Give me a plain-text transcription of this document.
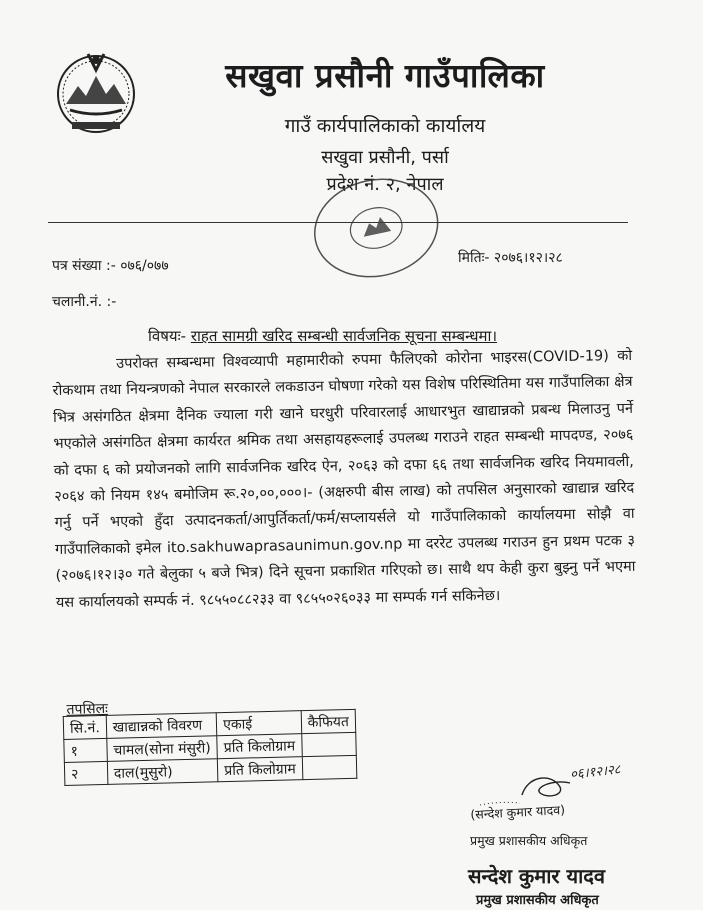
सखुवा प्रसौनी गाउँपालिका
गाउँ कार्यपालिकाको कार्यालय
सखुवा प्रसौनी, पर्सा
प्रदेश नं. २, नेपाल
पत्र संख्या :- ०७६/०७७	मितिः- २०७६।१२।२८
चलानी.नं. :-
विषयः- राहत सामग्री खरिद सम्बन्धी सार्वजनिक सूचना सम्बन्धमा।

उपरोक्त सम्बन्धमा विश्वव्यापी महामारीको रुपमा फैलिएको कोरोना भाइरस(COVID-19) को रोकथाम तथा नियन्त्रणको नेपाल सरकारले लकडाउन घोषणा गरेको यस विशेष परिस्थितिमा यस गाउँपालिका क्षेत्र भित्र असंगठित क्षेत्रमा दैनिक ज्याला गरी खाने घरधुरी परिवारलाई आधारभुत खाद्यान्नको प्रबन्ध मिलाउनु पर्ने भएकोले असंगठित क्षेत्रमा कार्यरत श्रमिक तथा असहायहरूलाई उपलब्ध गराउने राहत सम्बन्धी मापदण्ड, २०७६ को दफा ६ को प्रयोजनको लागि सार्वजनिक खरिद ऐन, २०६३ को दफा ६६ तथा सार्वजनिक खरिद नियमावली, २०६४ को नियम १४५ बमोजिम रू.२०,००,०००।- (अक्षरुपी बीस लाख) को तपसिल अनुसारको खाद्यान्न खरिद गर्नु पर्ने भएको हुँदा उत्पादनकर्ता/आपुर्तिकर्ता/फर्म/सप्लायर्सले यो गाउँपालिकाको कार्यालयमा सोझै वा गाउँपालिकाको इमेल ito.sakhuwaprasaunimun.gov.np मा दररेट उपलब्ध गराउन हुन प्रथम पटक ३ (२०७६।१२।३० गते बेलुका ५ बजे भित्र) दिने सूचना प्रकाशित गरिएको छ। साथै थप केही कुरा बुझ्नु पर्ने भएमा यस कार्यालयको सम्पर्क नं. ९८५५०८८२३३ वा ९८५५०२६०३३ मा सम्पर्क गर्न सकिनेछ।

तपसिलः
सि.नं.	खाद्यान्नको विवरण	एकाई	कैफियत
१	चामल(सोना मंसुरी)	प्रति किलोग्राम	
२	दाल(मुसुरो)	प्रति किलोग्राम		०६।१२।२८
(सन्देश कुमार यादव)
प्रमुख प्रशासकीय अधिकृत
सन्देश कुमार यादव
प्रमुख प्रशासकीय अधिकृत
